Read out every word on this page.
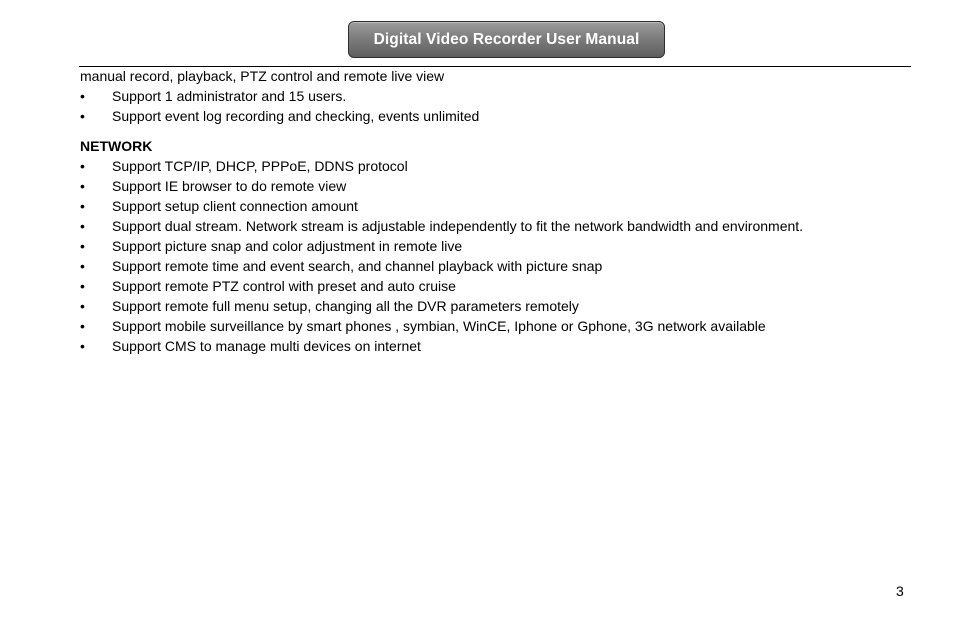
Digital Video Recorder User Manual
manual record, playback, PTZ control and remote live view
•	Support 1 administrator and 15 users.
•	Support event log recording and checking, events unlimited
NETWORK
•	Support TCP/IP, DHCP, PPPoE, DDNS protocol
•	Support IE browser to do remote view
•	Support setup client connection amount
•	Support dual stream. Network stream is adjustable independently to fit the network bandwidth and environment.
•	Support picture snap and color adjustment in remote live
•	Support remote time and event search, and channel playback with picture snap
•	Support remote PTZ control with preset and auto cruise
•	Support remote full menu setup, changing all the DVR parameters remotely
•	Support mobile surveillance by smart phones , symbian, WinCE, Iphone or Gphone, 3G network available
•	Support CMS to manage multi devices on internet
3
